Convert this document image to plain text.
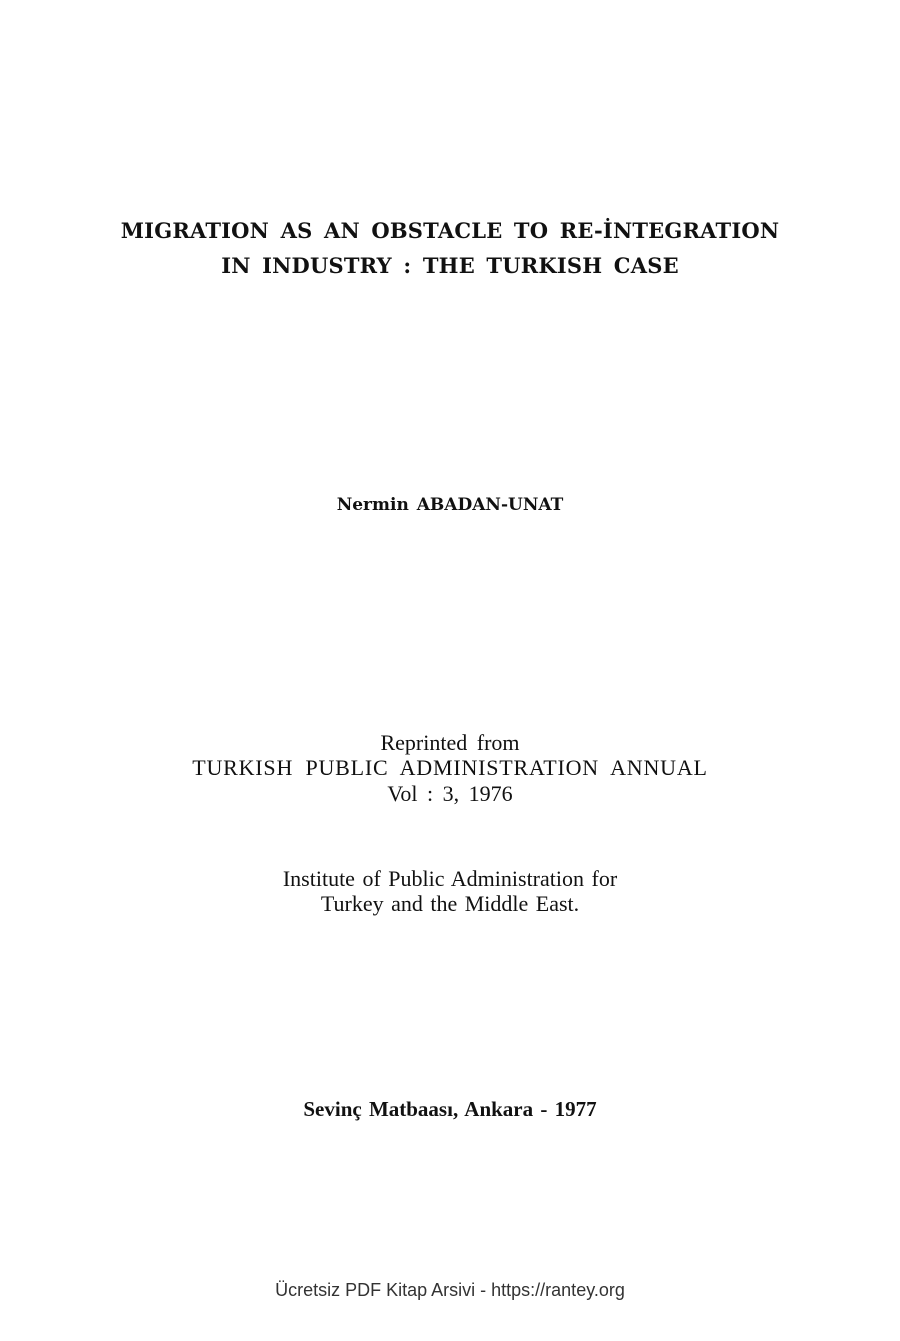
MIGRATION AS AN OBSTACLE TO RE-İNTEGRATION
IN INDUSTRY : THE TURKISH CASE
Nermin ABADAN-UNAT
Reprinted from
TURKISH PUBLIC ADMINISTRATION ANNUAL
Vol : 3, 1976
Institute of Public Administration for
Turkey and the Middle East.
Sevinç Matbaası, Ankara - 1977
Ücretsiz PDF Kitap Arsivi - https://rantey.org
